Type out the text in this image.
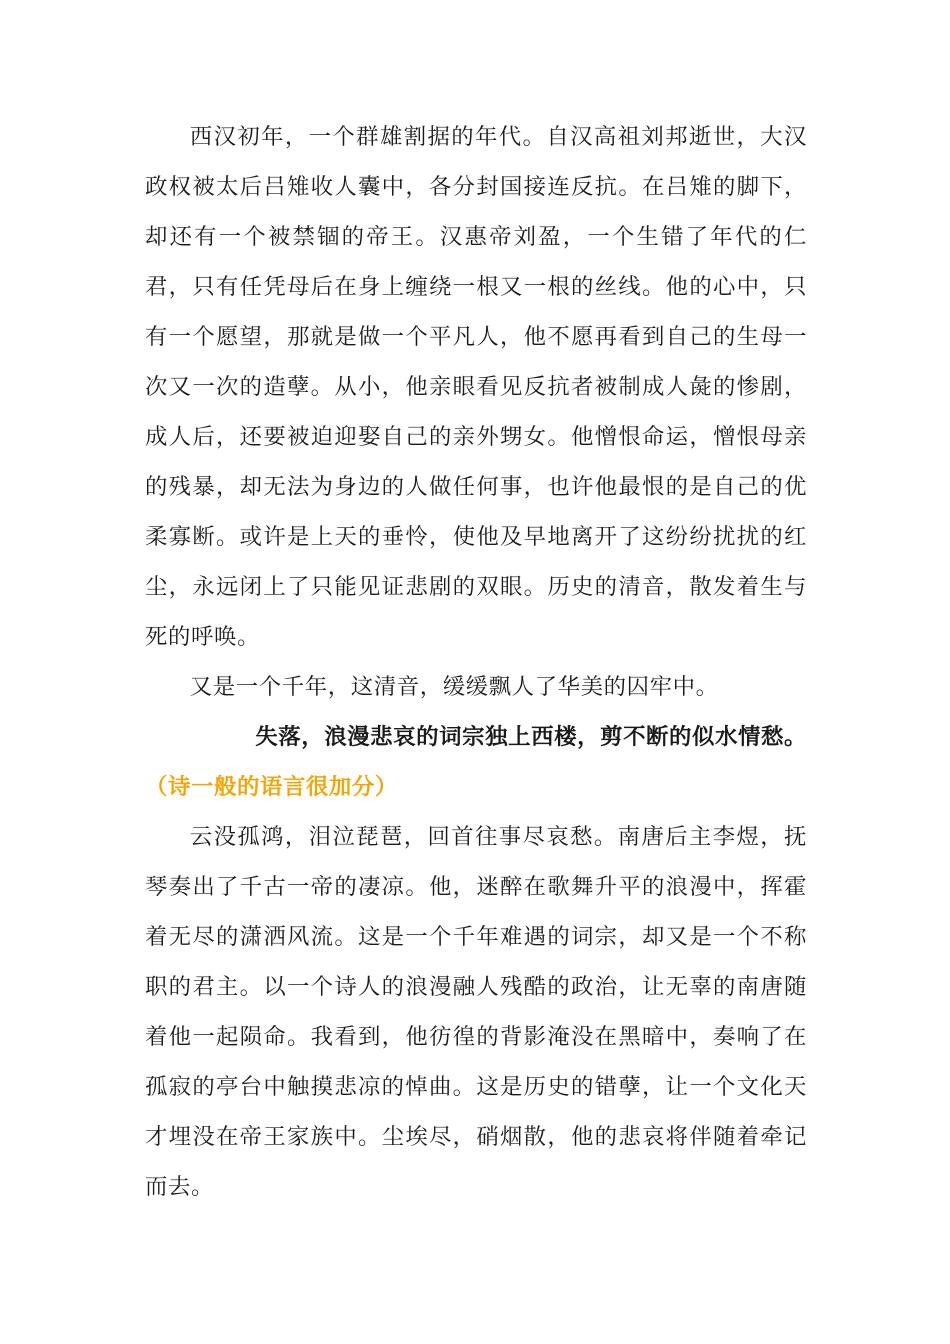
西汉初年，一个群雄割据的年代。自汉高祖刘邦逝世，大汉政权被太后吕雉收人囊中，各分封国接连反抗。在吕雉的脚下，却还有一个被禁锢的帝王。汉惠帝刘盈，一个生错了年代的仁君，只有任凭母后在身上缠绕一根又一根的丝线。他的心中，只有一个愿望，那就是做一个平凡人，他不愿再看到自己的生母一次又一次的造孽。从小，他亲眼看见反抗者被制成人彘的惨剧，成人后，还要被迫迎娶自己的亲外甥女。他憎恨命运，憎恨母亲的残暴，却无法为身边的人做任何事，也许他最恨的是自己的优柔寡断。或许是上天的垂怜，使他及早地离开了这纷纷扰扰的红尘，永远闭上了只能见证悲剧的双眼。历史的清音，散发着生与死的呼唤。

又是一个千年，这清音，缓缓飘人了华美的囚牢中。

失落，浪漫悲哀的词宗独上西楼，剪不断的似水情愁。

（诗一般的语言很加分）

云没孤鸿，泪泣琵琶，回首往事尽哀愁。南唐后主李煜，抚琴奏出了千古一帝的凄凉。他，迷醉在歌舞升平的浪漫中，挥霍着无尽的潇洒风流。这是一个千年难遇的词宗，却又是一个不称职的君主。以一个诗人的浪漫融人残酷的政治，让无辜的南唐随着他一起陨命。我看到，他彷徨的背影淹没在黑暗中，奏响了在孤寂的亭台中触摸悲凉的悼曲。这是历史的错孽，让一个文化天才埋没在帝王家族中。尘埃尽，硝烟散，他的悲哀将伴随着牵记而去。
